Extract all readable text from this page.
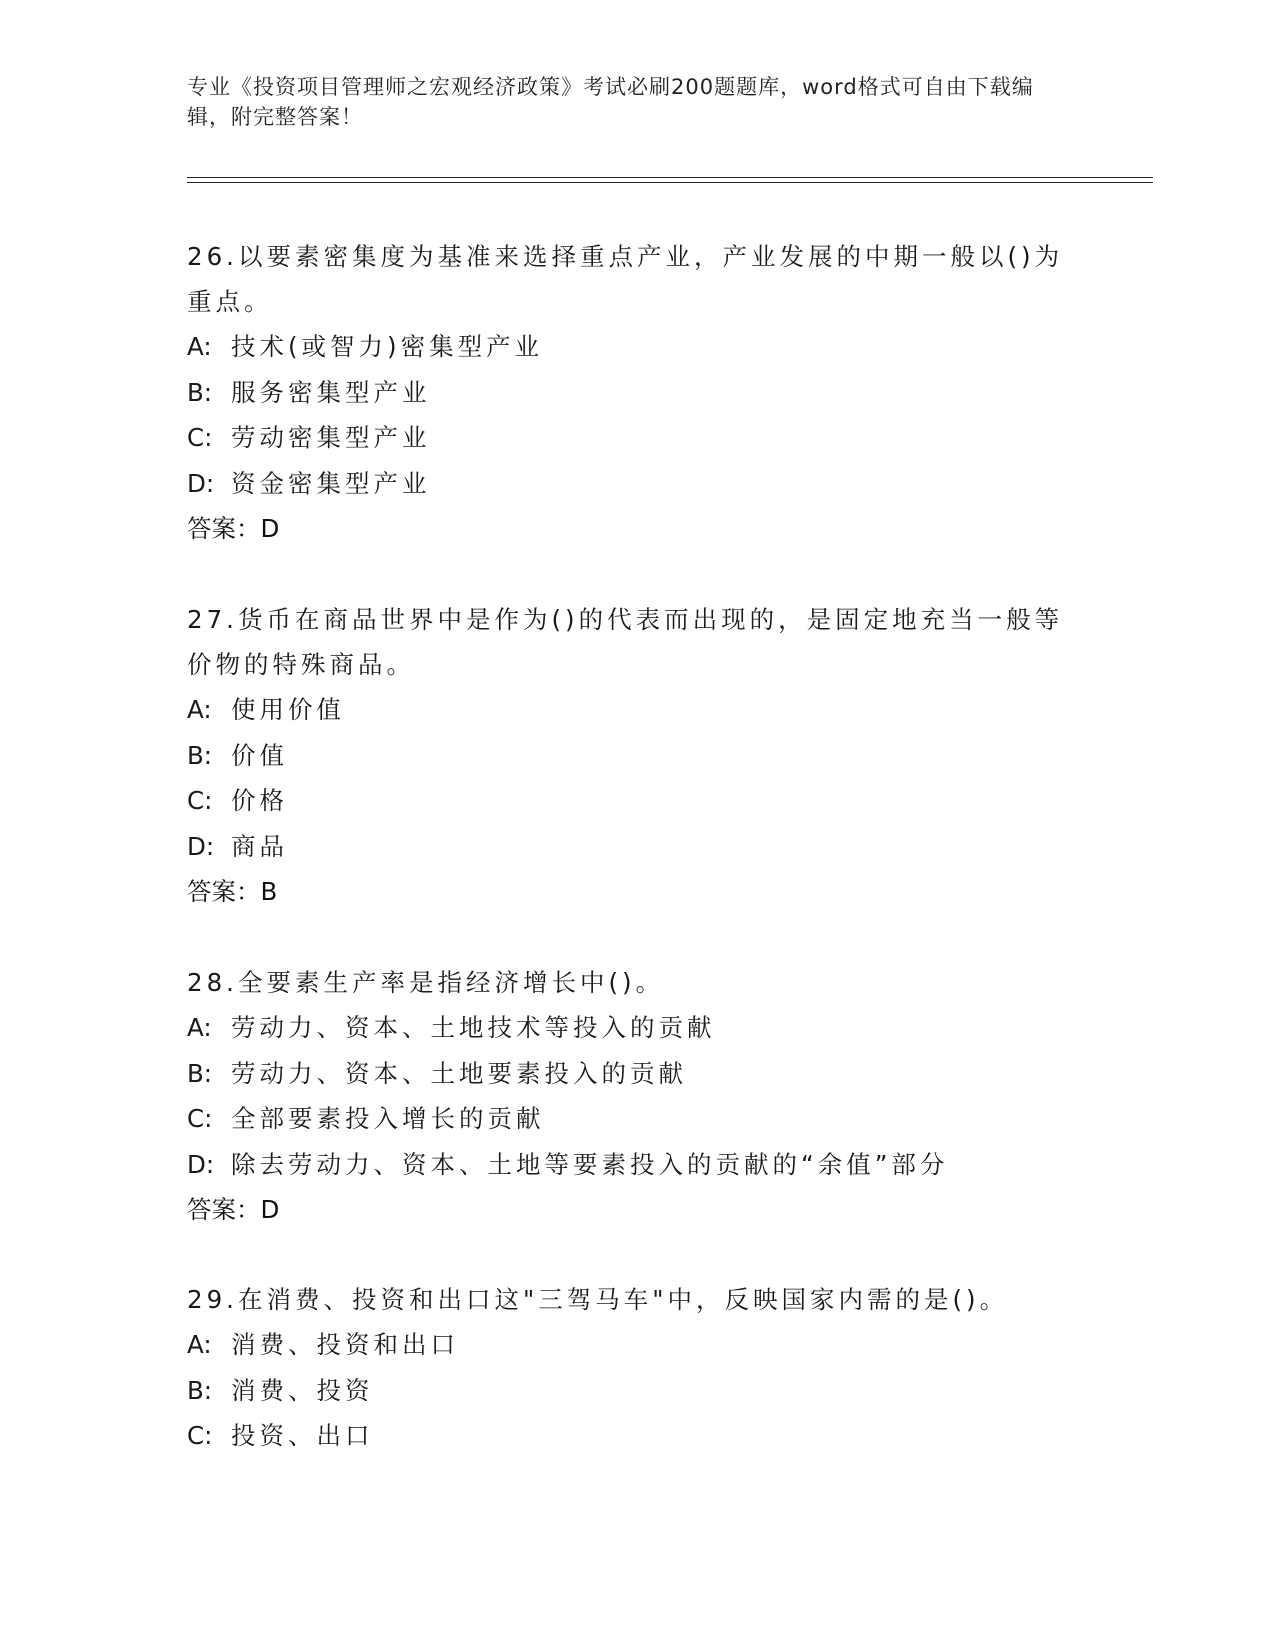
专业《投资项目管理师之宏观经济政策》考试必刷200题题库，word格式可自由下载编辑，附完整答案！
26.以要素密集度为基准来选择重点产业，产业发展的中期一般以()为重点。
A: 技术(或智力)密集型产业
B: 服务密集型产业
C: 劳动密集型产业
D: 资金密集型产业
答案：D
27.货币在商品世界中是作为()的代表而出现的，是固定地充当一般等价物的特殊商品。
A: 使用价值
B: 价值
C: 价格
D: 商品
答案：B
28.全要素生产率是指经济增长中()。
A: 劳动力、资本、土地技术等投入的贡献
B: 劳动力、资本、土地要素投入的贡献
C: 全部要素投入增长的贡献
D: 除去劳动力、资本、土地等要素投入的贡献的“余值”部分
答案：D
29.在消费、投资和出口这"三驾马车"中，反映国家内需的是()。
A: 消费、投资和出口
B: 消费、投资
C: 投资、出口
